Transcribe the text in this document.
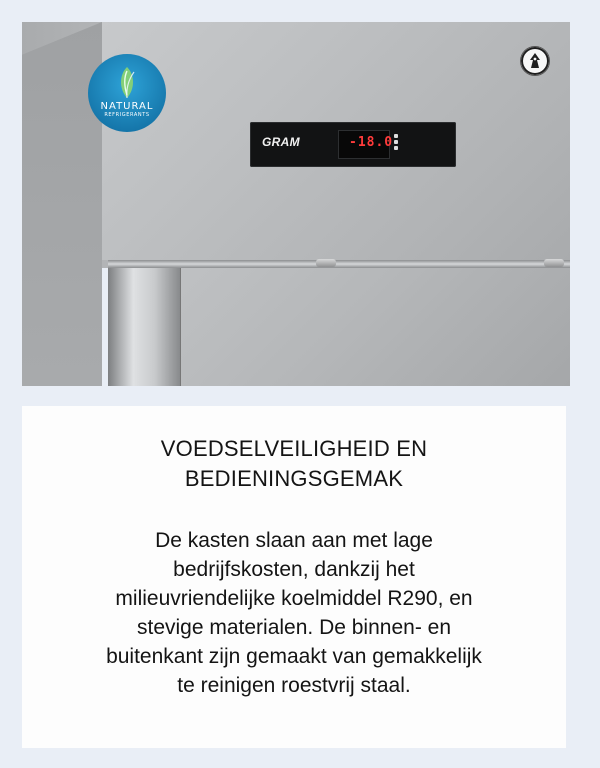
NATURAL
REFRIGERANTS
GRAM	-18.0
VOEDSELVEILIGHEID EN
BEDIENINGSGEMAK
De kasten slaan aan met lage
bedrijfskosten, dankzij het
milieuvriendelijke koelmiddel R290, en
stevige materialen. De binnen- en
buitenkant zijn gemaakt van gemakkelijk
te reinigen roestvrij staal.
